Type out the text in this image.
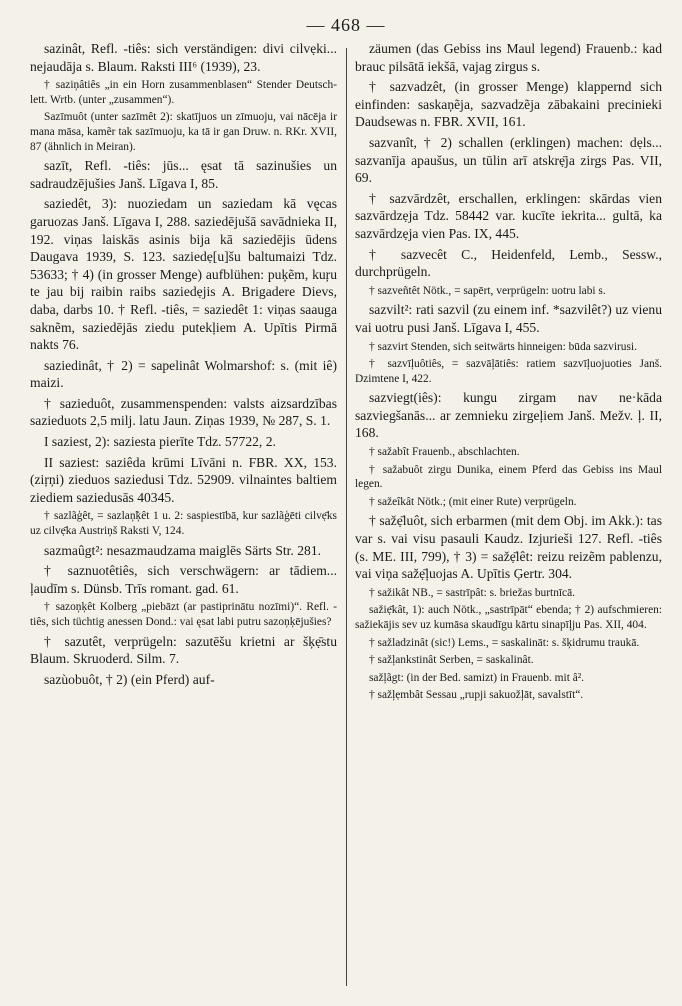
— 468 —

sazinât, Refl. -tiês: sich verständigen: divi cilvẹki... nejaudāja s. Blaum. Raksti III⁶ (1939), 23.

† saziņâtiês „in ein Horn zusammenblasen“ Stender Deutsch-lett. Wrtb. (unter „zusammen“).

Sazīmuôt (unter sazīmêt 2): skatījuos un zīmuoju, vai nācēja ir mana māsa, kamẽr tak sazīmuoju, ka tā ir gan Druw. n. RKr. XVII, 87 (ähnlich in Meiran).

sazīt, Refl. -tiês: jūs... ęsat tā sazinušies un sadraudzējušies Janš. Līgava I, 85.

saziedêt, 3): nuoziedam un saziedam kā vęcas garuozas Janš. Līgava I, 288. saziedējušā savādnieka II, 192. viņas laiskās asinis bija kā saziedējis ūdens Daugava 1939, S. 123. saziedẹ[u]šu baltumaizi Tdz. 53633; † 4) (in grosser Menge) aufblühen: puķẽm, kuŗu te jau bij raibin raibs saziedẹjis A. Brigadere Dievs, daba, darbs 10. † Refl. -tiês, = saziedêt 1: viņas saauga saknẽm, saziedējās ziedu putekļiem A. Upītis Pirmā nakts 76.

saziedinât, † 2) = sapelinât Wolmarshof: s. (mit iê) maizi.

† sazieduôt, zusammenspenden: valsts aizsardzības sazieduots 2,5 milj. latu Jaun. Ziņas 1939, № 287, S. 1.

I saziest, 2): saziesta pierīte Tdz. 57722, 2.

II saziest: saziêda krūmi Līvāni n. FBR. XX, 153. (ziŗņi) zieduos saziedusi Tdz. 52909. vilnaintes baltiem ziediem saziedusās 40345.

† sazlãģêt, = sazlaņ̃ķêt 1 u. 2: saspiestībā, kur sazlãģēti cilvẹ̄ks uz cilvẹ̄ka Austriņš Raksti V, 124.

sazmaûgt²: nesazmaudzama maiglēs Särts Str. 281.

† saznuotêtiês, sich verschwägern: ar tādiem... ļaudīm s. Dünsb. Trīs romant. gad. 61.

† sazoņķêt Kolberg „piebāzt (ar pastiprinātu nozīmi)“. Refl. -tiês, sich tüchtig anessen Dond.: vai ęsat labi putru sazoņķējušies?

† sazutêt, verprügeln: sazutēšu krietni ar šķẹ̄stu Blaum. Skruoderd. Silm. 7.

sazùobuôt, † 2) (ein Pferd) auf-

zäumen (das Gebiss ins Maul legend) Frauenb.: kad brauc pilsātā iekšā, vajag zirgus s.

† sazvadzêt, (in grosser Menge) klappernd sich einfinden: saskaņẽja, sazvadzẽja zābakaini precinieki Daudsewas n. FBR. XVII, 161.

sazvanît, † 2) schallen (erklingen) machen: dẹls... sazvanīja apaušus, un tūlin arī atskrẹ̄ja zirgs Pas. VII, 69.

† sazvārdzêt, erschallen, erklingen: skārdas vien sazvārdzẹja Tdz. 58442 var. kucīte iekrita... gultā, ka sazvārdzẹja vien Pas. IX, 445.

† sazvecêt C., Heidenfeld, Lemb., Sessw., durchprügeln.

† sazveñtêt Nötk., = sapērt, verprügeln: uotru labi s.

sazvilt²: rati sazvil (zu einem inf. *sazvilêt?) uz vienu vai uotru pusi Janš. Līgava I, 455.

† sazvirt Stenden, sich seitwärts hinneigen: būda sazvirusi.

† sazvīļuôtiês, = sazvāļātiês: ratiem sazvīļuojuoties Janš. Dzimtene I, 422.

sazviegt(iês): kungu zirgam nav ne·kāda sazviegšanās... ar zemnieku zirgeļiem Janš. Mežv. ļ. II, 168.

† sažabît Frauenb., abschlachten.

† sažabuôt zirgu Dunika, einem Pferd das Gebiss ins Maul legen.

† sažeîkât Nötk.; (mit einer Rute) verprügeln.

† sažẹ̄luôt, sich erbarmen (mit dem Obj. im Akk.): tas var s. vai visu pasauli Kaudz. Izjurieši 127. Refl. -tiês (s. ME. III, 799), † 3) = sažẹ̄lêt: reizu reizẽm pablenzu, vai viņa sažẹ̄ļuojas A. Upītis Ģertr. 304.

† sažikât NB., = sastrīpât: s. briežas burtnīcā.

sažiẹ̄kât, 1): auch Nötk., „sastrīpāt“ ebenda; † 2) aufschmieren: sažiekājis sev uz kumāsa skaudīgu kārtu sinapīļju Pas. XII, 404.

† sažladzinât (sic!) Lems., = saskalināt: s. šķidrumu traukā.

† sažļankstinât Serben, = saskalinât.

sažļãgt: (in der Bed. samizt) in Frauenb. mit â².

† sažļẹmbât Sessau „rupji sakuožļāt, savalstīt“.
